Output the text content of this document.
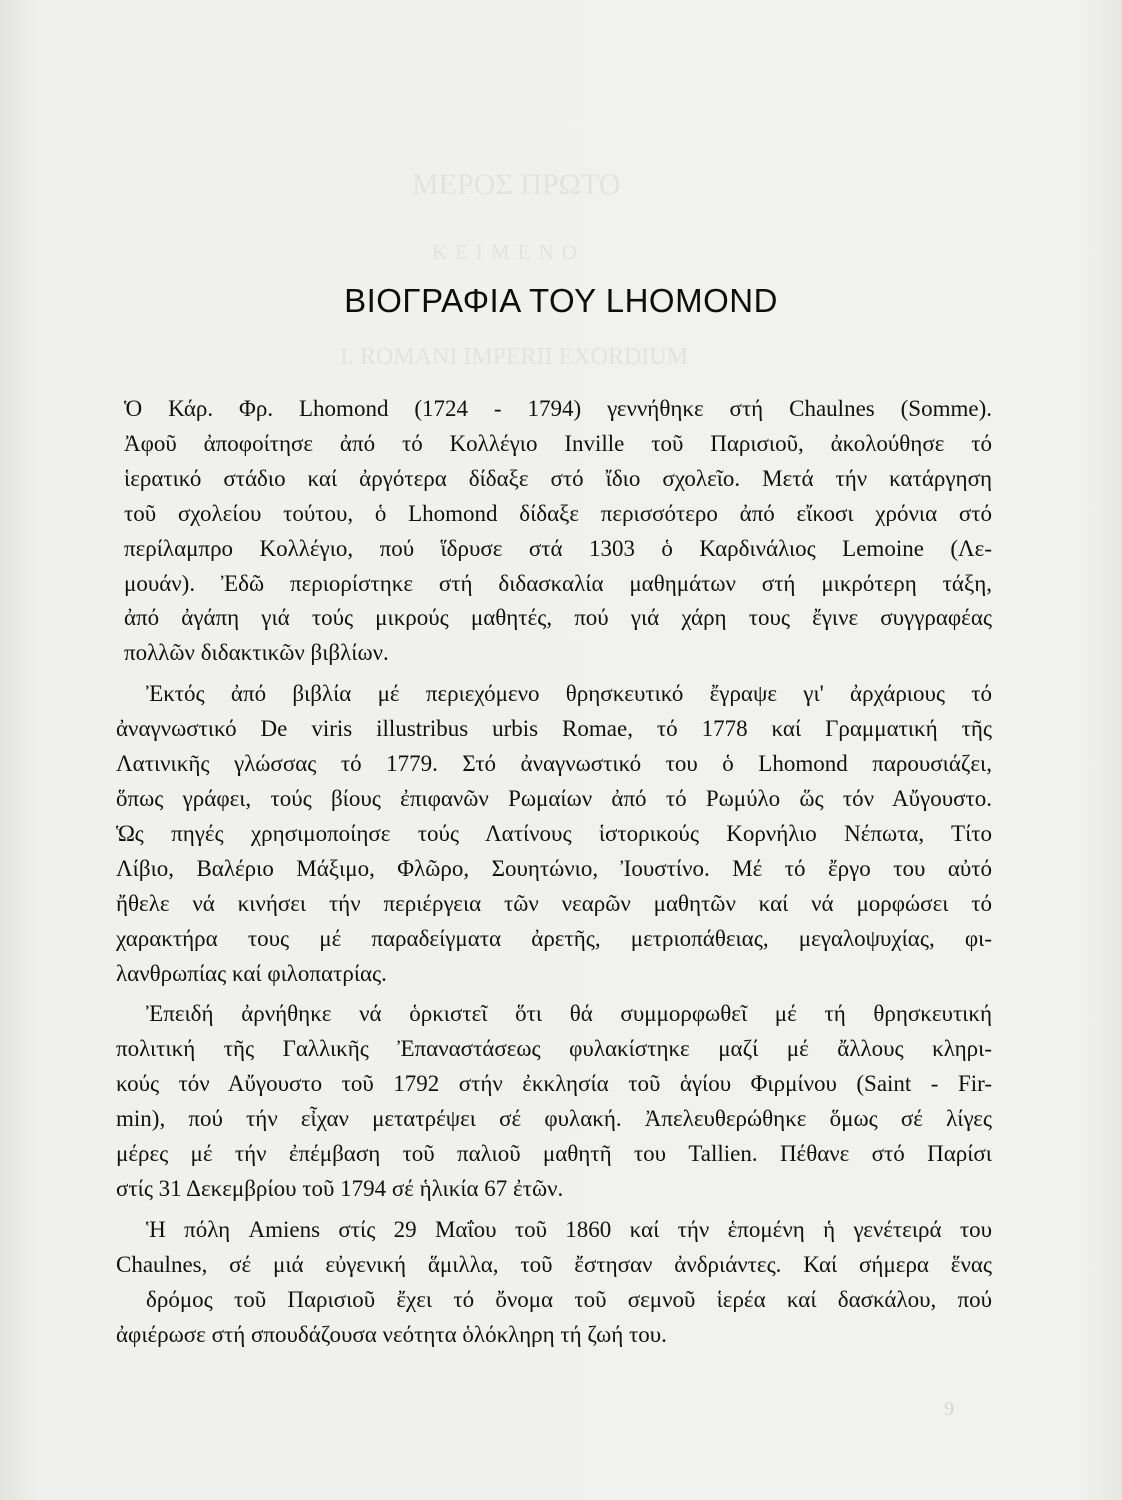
ΜΕΡΟΣ ΠΡΩΤΟ
ΚΕΙΜΕΝΟ
I. ROMANI IMPERII EXORDIUM
ΒΙΟΓΡΑΦΙΑ ΤΟΥ LHOMOND
Ὁ Κάρ. Φρ. Lhomond (1724 - 1794) γεννήθηκε στή Chaulnes (Somme).
Ἀφοῦ ἀποφοίτησε ἀπό τό Κολλέγιο Inville τοῦ Παρισιοῦ, ἀκολούθησε τό
ἱερατικό στάδιο καί ἀργότερα δίδαξε στό ἴδιο σχολεῖο. Μετά τήν κατάργηση
τοῦ σχολείου τούτου, ὁ Lhomond δίδαξε περισσότερο ἀπό εἴκοσι χρόνια στό
περίλαμπρο Κολλέγιο, πού ἵδρυσε στά 1303 ὁ Καρδινάλιος Lemoine (Λε-
μουάν). Ἐδῶ περιορίστηκε στή διδασκαλία μαθημάτων στή μικρότερη τάξη,
ἀπό ἀγάπη γιά τούς μικρούς μαθητές, πού γιά χάρη τους ἔγινε συγγραφέας
πολλῶν διδακτικῶν βιβλίων.
Ἐκτός ἀπό βιβλία μέ περιεχόμενο θρησκευτικό ἔγραψε γι' ἀρχάριους τό
ἀναγνωστικό De viris illustribus urbis Romae, τό 1778 καί Γραμματική τῆς
Λατινικῆς γλώσσας τό 1779. Στό ἀναγνωστικό του ὁ Lhomond παρουσιάζει,
ὅπως γράφει, τούς βίους ἐπιφανῶν Ρωμαίων ἀπό τό Ρωμύλο ὥς τόν Αὔγουστο.
Ὡς πηγές χρησιμοποίησε τούς Λατίνους ἱστορικούς Κορνήλιο Νέπωτα, Τίτο
Λίβιο, Βαλέριο Μάξιμο, Φλῶρο, Σουητώνιο, Ἰουστίνο. Μέ τό ἔργο του αὐτό
ἤθελε νά κινήσει τήν περιέργεια τῶν νεαρῶν μαθητῶν καί νά μορφώσει τό
χαρακτήρα τους μέ παραδείγματα ἀρετῆς, μετριοπάθειας, μεγαλοψυχίας, φι-
λανθρωπίας καί φιλοπατρίας.
Ἐπειδή ἀρνήθηκε νά ὁρκιστεῖ ὅτι θά συμμορφωθεῖ μέ τή θρησκευτική
πολιτική τῆς Γαλλικῆς Ἐπαναστάσεως φυλακίστηκε μαζί μέ ἄλλους κληρι-
κούς τόν Αὔγουστο τοῦ 1792 στήν ἐκκλησία τοῦ ἁγίου Φιρμίνου (Saint - Fir-
min), πού τήν εἶχαν μετατρέψει σέ φυλακή. Ἀπελευθερώθηκε ὅμως σέ λίγες
μέρες μέ τήν ἐπέμβαση τοῦ παλιοῦ μαθητῆ του Tallien. Πέθανε στό Παρίσι
στίς 31 Δεκεμβρίου τοῦ 1794 σέ ἡλικία 67 ἐτῶν.
Ἡ πόλη Amiens στίς 29 Μαΐου τοῦ 1860 καί τήν ἑπομένη ἡ γενέτειρά του
Chaulnes, σέ μιά εὐγενική ἅμιλλα, τοῦ ἔστησαν ἀνδριάντες. Καί σήμερα ἕνας
δρόμος τοῦ Παρισιοῦ ἔχει τό ὄνομα τοῦ σεμνοῦ ἱερέα καί δασκάλου, πού
ἀφιέρωσε στή σπουδάζουσα νεότητα ὁλόκληρη τή ζωή του.
9
